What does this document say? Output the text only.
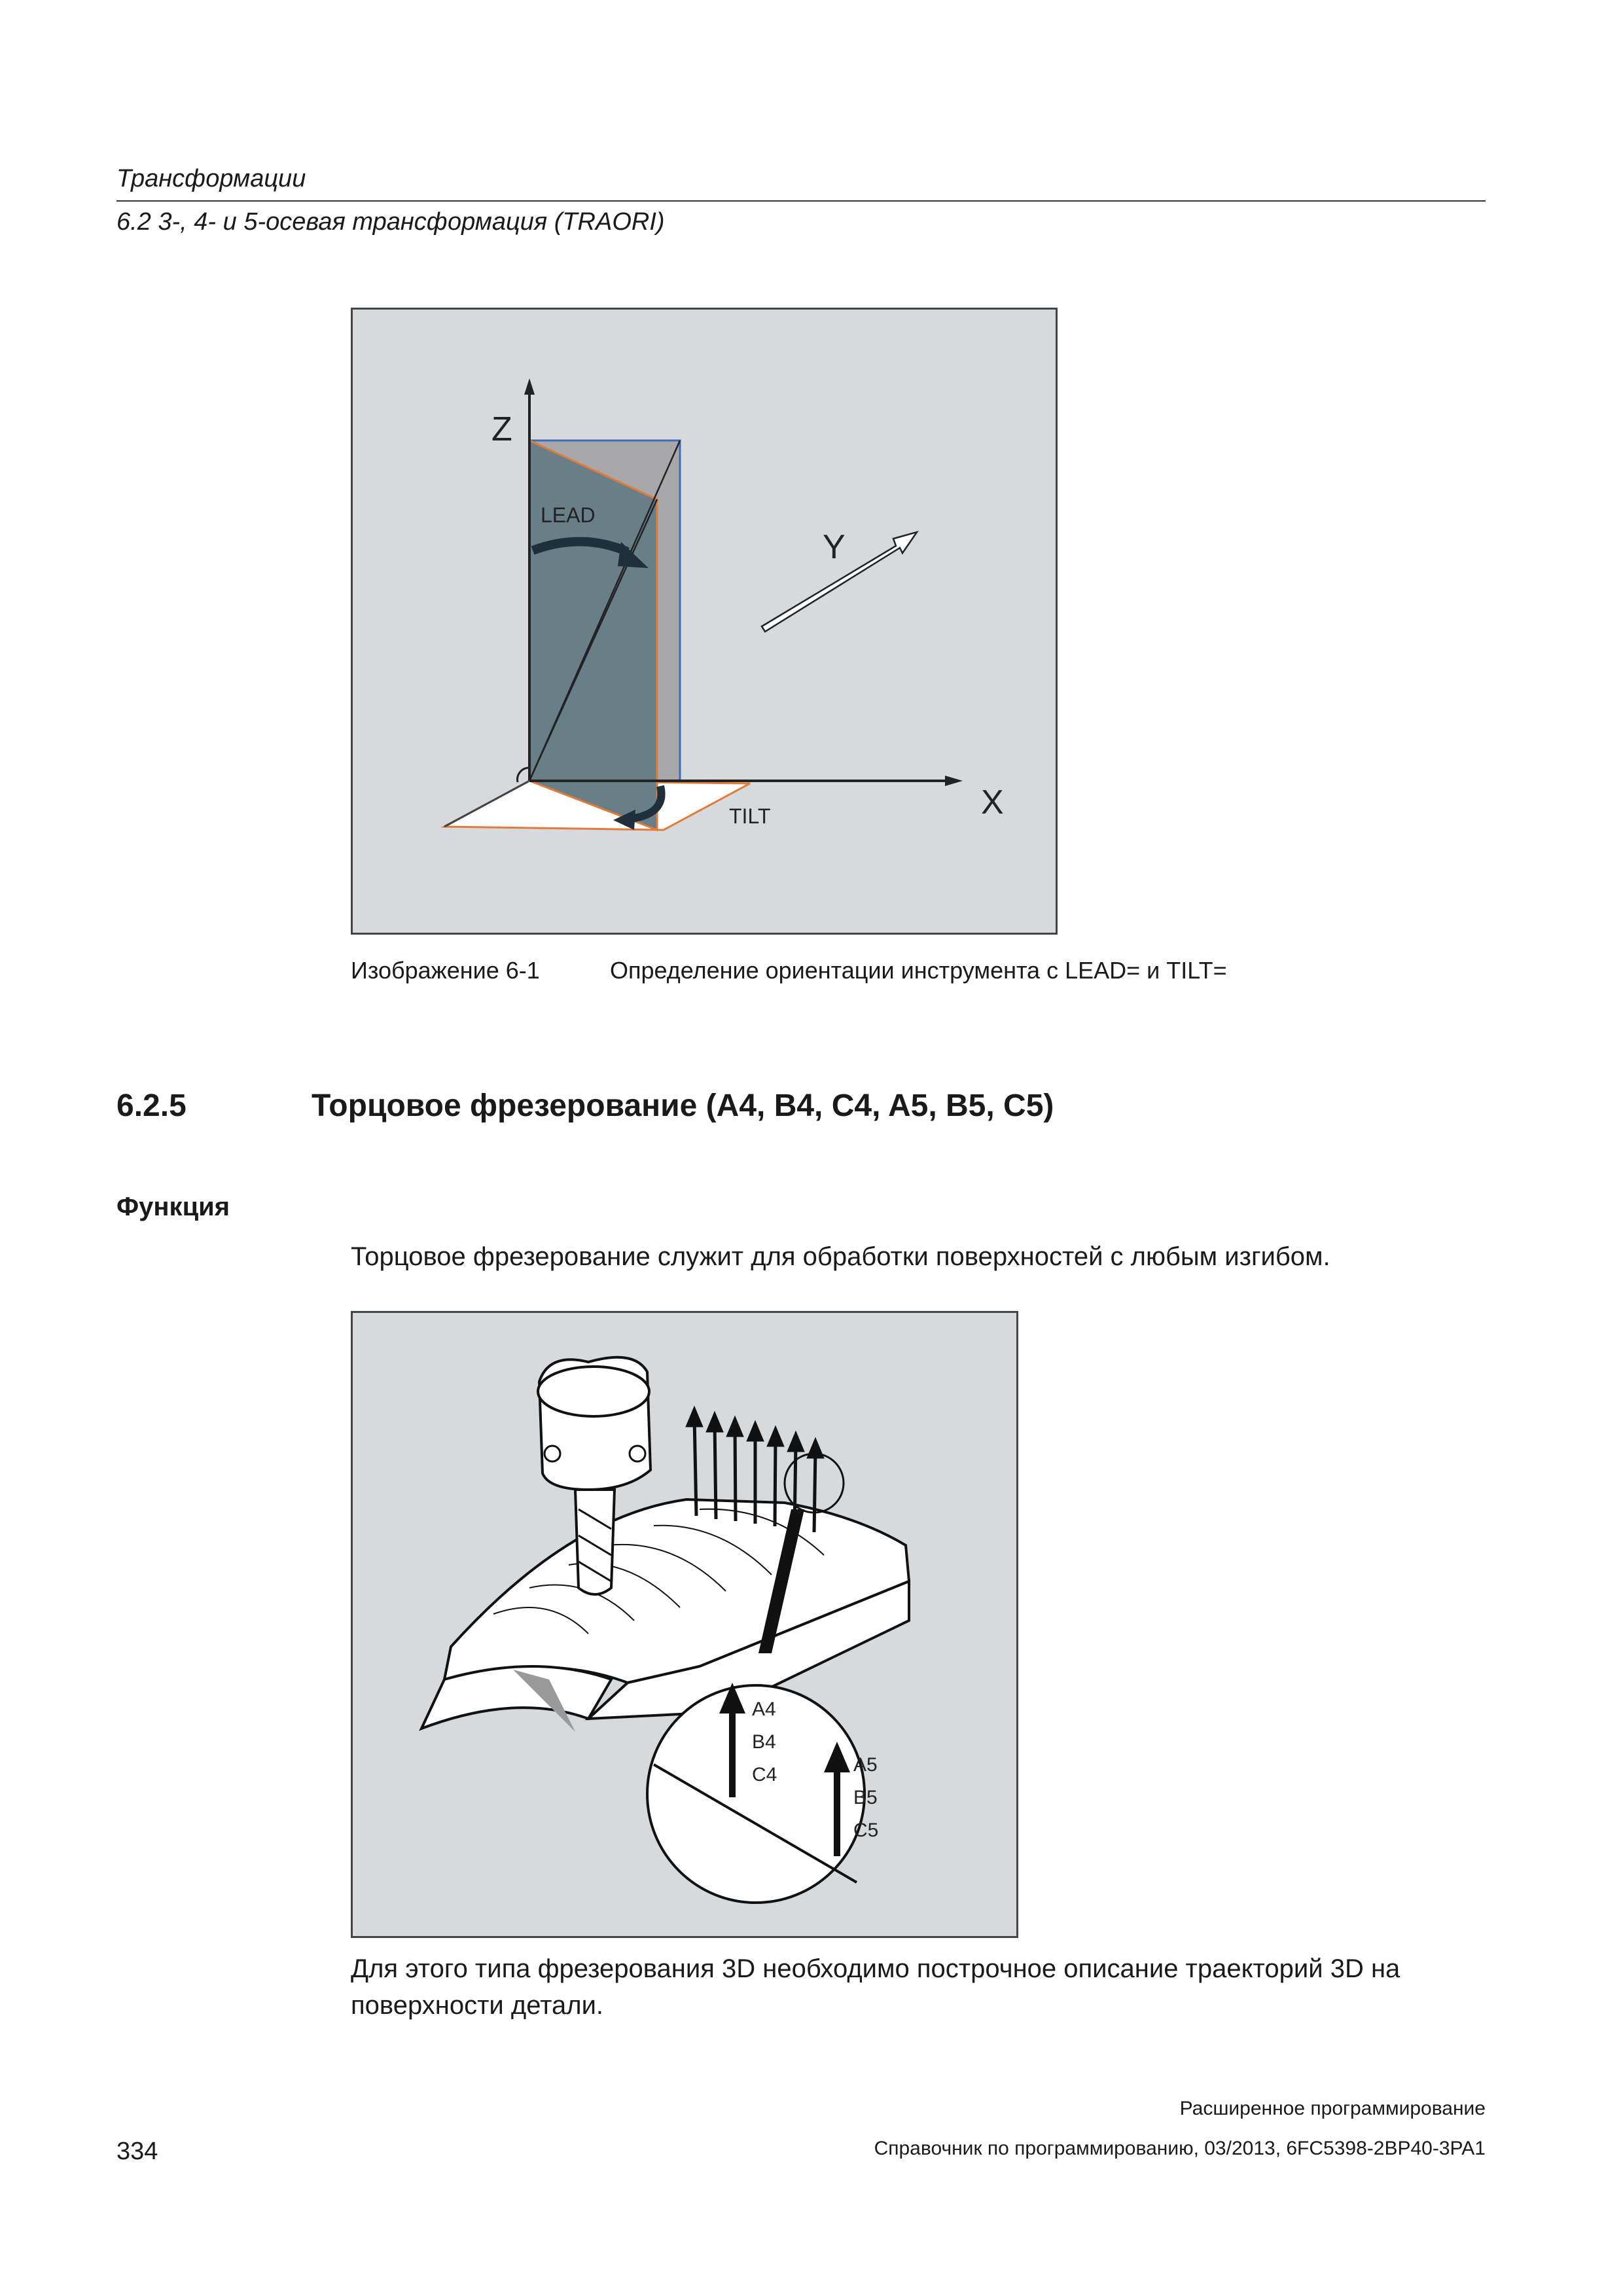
Трансформации
6.2 3-, 4- и 5-осевая трансформация (TRAORI)
Z
Y
X
LEAD
TILT
Изображение 6-1	Определение ориентации инструмента с LEAD= и TILT=
6.2.5	Торцовое фрезерование (A4, B4, C4, A5, B5, C5)
Функция
Торцовое фрезерование служит для обработки поверхностей с любым изгибом.
A4
B4
C4	A5
B5
C5
Для этого типа фрезерования 3D необходимо построчное описание траекторий 3D на
поверхности детали.
Расширенное программирование
Справочник по программированию, 03/2013, 6FC5398-2BP40-3PA1
334
